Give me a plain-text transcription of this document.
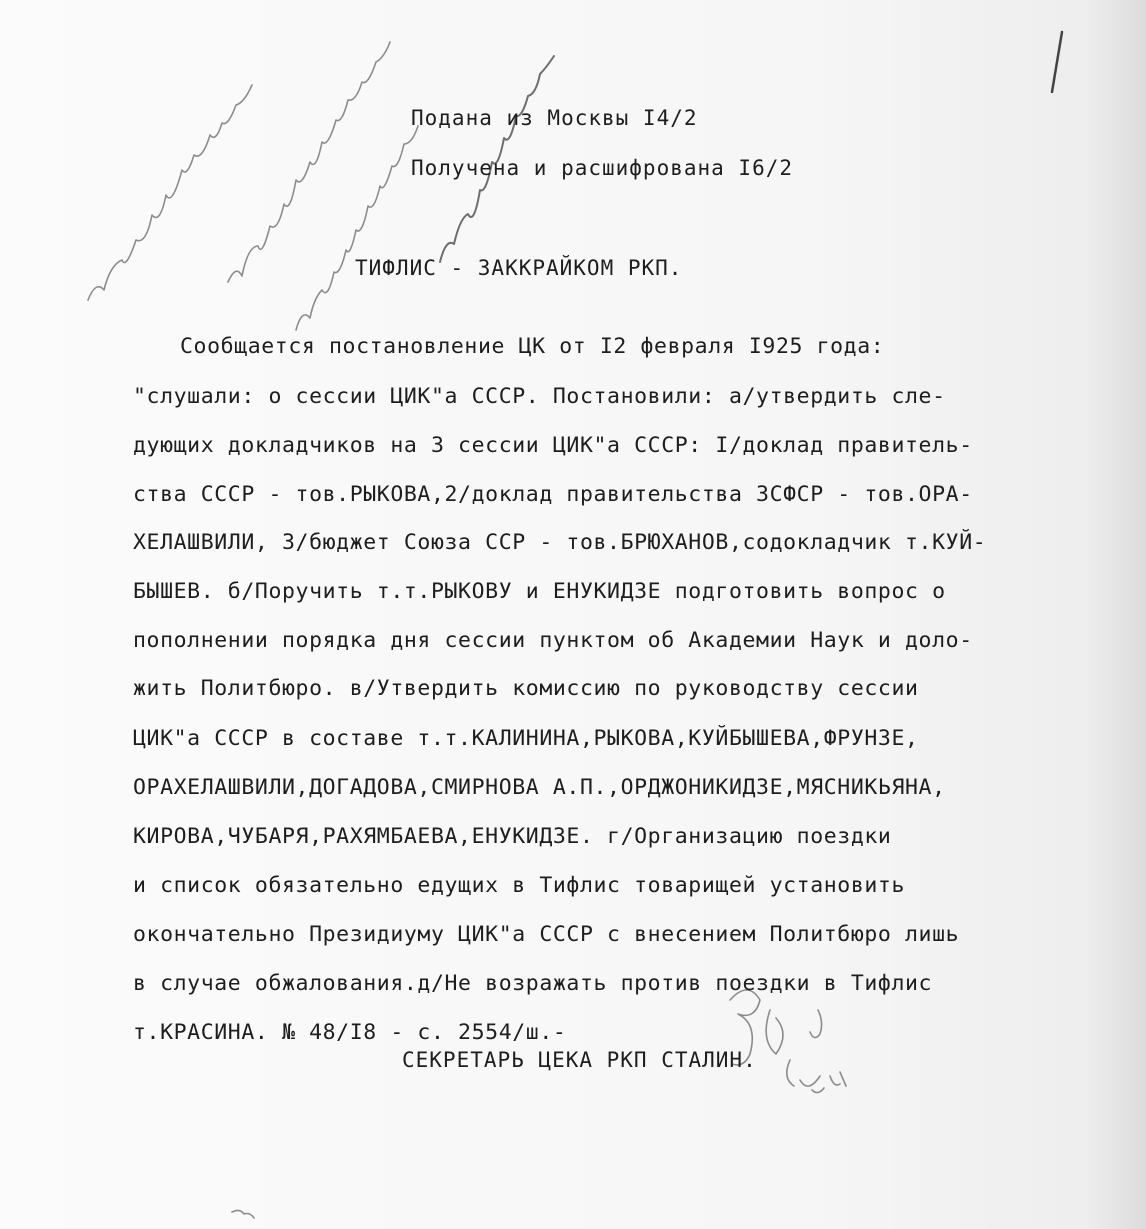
Подана из Москвы I4/2
Получена и расшифрована I6/2
ТИФЛИС - ЗАККРАЙКОМ РКП.
Сообщается постановление ЦК от I2 февраля I925 года:
"слушали: о сессии ЦИК"а СССР. Постановили: а/утвердить сле-
дующих докладчиков на 3 сессии ЦИК"а СССР: I/доклад правитель-
ства СССР - тов.РЫКОВА,2/доклад правительства ЗСФСР - тов.ОРА-
ХЕЛАШВИЛИ, 3/бюджет Союза ССР - тов.БРЮХАНОВ,содокладчик т.КУЙ-
БЫШЕВ. б/Поручить т.т.РЫКОВУ и ЕНУКИДЗЕ подготовить вопрос о
пополнении порядка дня сессии пунктом об Академии Наук и доло-
жить Политбюро. в/Утвердить комиссию по руководству сессии
ЦИК"а СССР в составе т.т.КАЛИНИНА,РЫКОВА,КУЙБЫШЕВА,ФРУНЗЕ,
ОРАХЕЛАШВИЛИ,ДОГАДОВА,СМИРНОВА А.П.,ОРДЖОНИКИДЗЕ,МЯСНИКЬЯНА,
КИРОВА,ЧУБАРЯ,РАХЯМБАЕВА,ЕНУКИДЗЕ. г/Организацию поездки
и список обязательно едущих в Тифлис товарищей установить
окончательно Президиуму ЦИК"а СССР с внесением Политбюро лишь
в случае обжалования.д/Не возражать против поездки в Тифлис
т.КРАСИНА. № 48/I8 - с. 2554/ш.-
СЕКРЕТАРЬ ЦЕКА РКП СТАЛИН.
